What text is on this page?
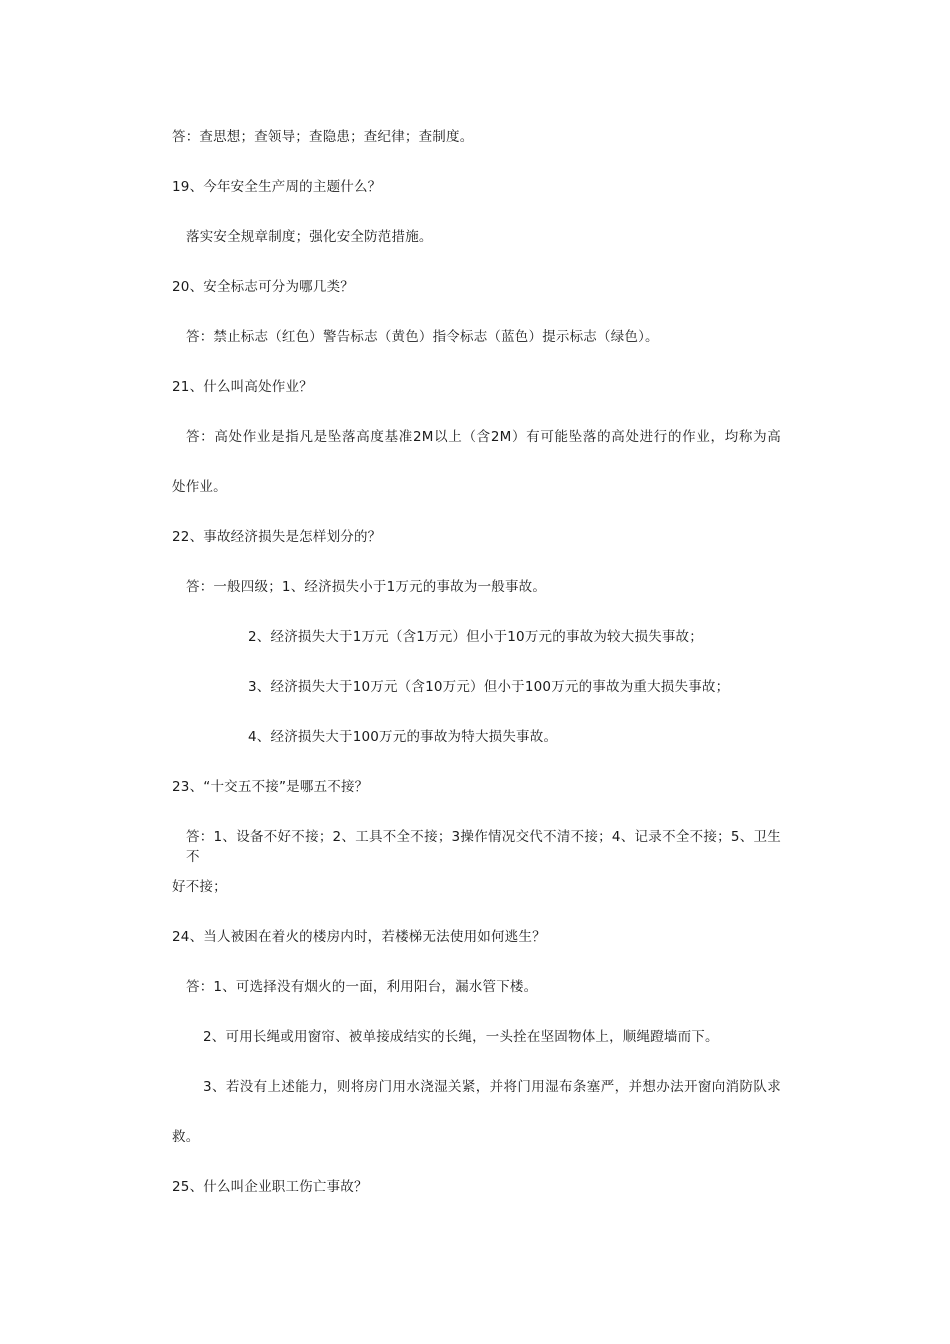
答：查思想；查领导；查隐患；查纪律；查制度。
19、今年安全生产周的主题什么？
落实安全规章制度；强化安全防范措施。
20、安全标志可分为哪几类？
答：禁止标志（红色）警告标志（黄色）指令标志（蓝色）提示标志（绿色）。
21、什么叫高处作业？
答：高处作业是指凡是坠落高度基准2M以上（含2M）有可能坠落的高处进行的作业，均称为高
处作业。
22、事故经济损失是怎样划分的？
答：一般四级；1、经济损失小于1万元的事故为一般事故。
2、经济损失大于1万元（含1万元）但小于10万元的事故为较大损失事故；
3、经济损失大于10万元（含10万元）但小于100万元的事故为重大损失事故；
4、经济损失大于100万元的事故为特大损失事故。
23、“十交五不接”是哪五不接？
答：1、设备不好不接；2、工具不全不接；3操作情况交代不清不接；4、记录不全不接；5、卫生不
好不接；
24、当人被困在着火的楼房内时，若楼梯无法使用如何逃生？
答：1、可选择没有烟火的一面，利用阳台，漏水管下楼。
2、可用长绳或用窗帘、被单接成结实的长绳，一头拴在坚固物体上，顺绳蹬墙而下。
3、若没有上述能力，则将房门用水浇湿关紧，并将门用湿布条塞严，并想办法开窗向消防队求
救。
25、什么叫企业职工伤亡事故？
